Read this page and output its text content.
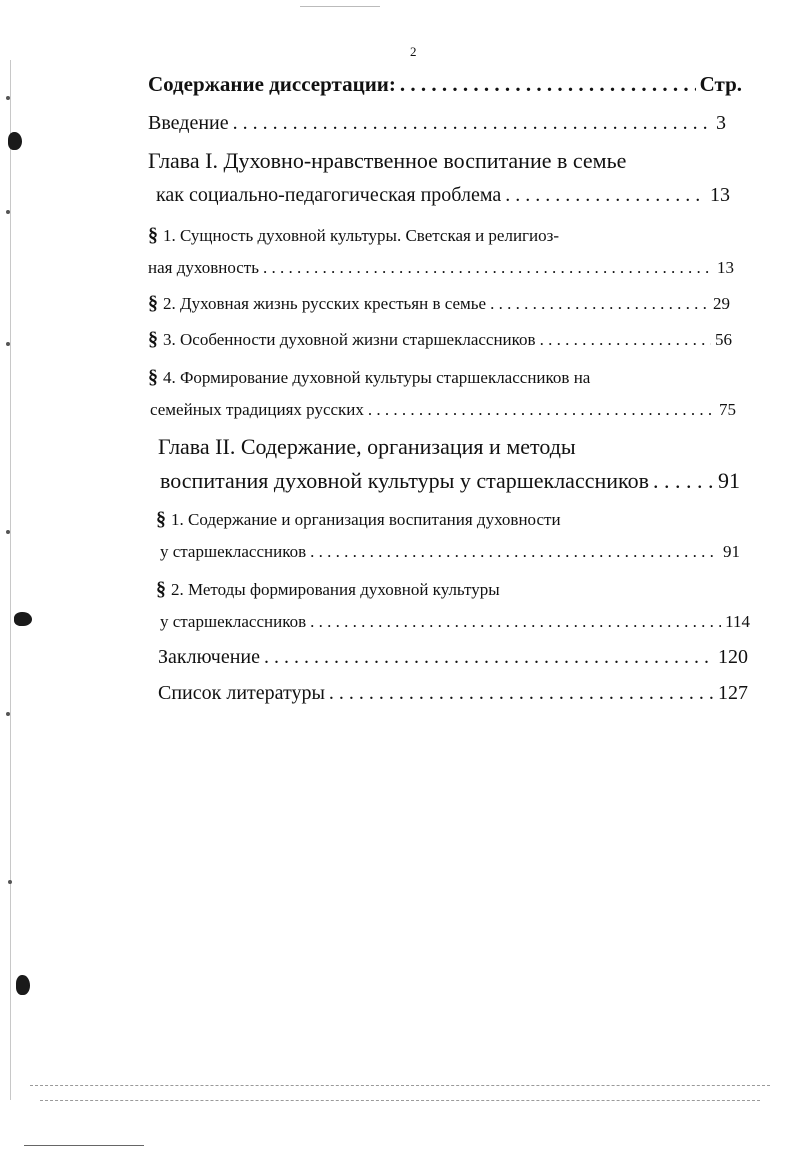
2
Содержание диссертации: . . .	Стр.
Введение . . .	3
Глава I. Духовно-нравственное воспитание в семье
как социально-педагогическая проблема . . .	13
§ 1. Сущность духовной культуры. Светская и религиоз-
ная духовность . . .	13
§ 2. Духовная жизнь русских крестьян в семье . . .	29
§ 3. Особенности духовной жизни старшеклассников . . .	56
§ 4. Формирование духовной культуры старшеклассников на
семейных традициях русских . . .	75
Глава II. Содержание, организация и методы
воспитания духовной культуры у старшеклассников . . .	91
§ 1. Содержание и организация воспитания духовности
у старшеклассников . . .	91
§ 2. Методы формирования духовной культуры
у старшеклассников . . .	114
Заключение . . .	120
Список литературы . . .	127
